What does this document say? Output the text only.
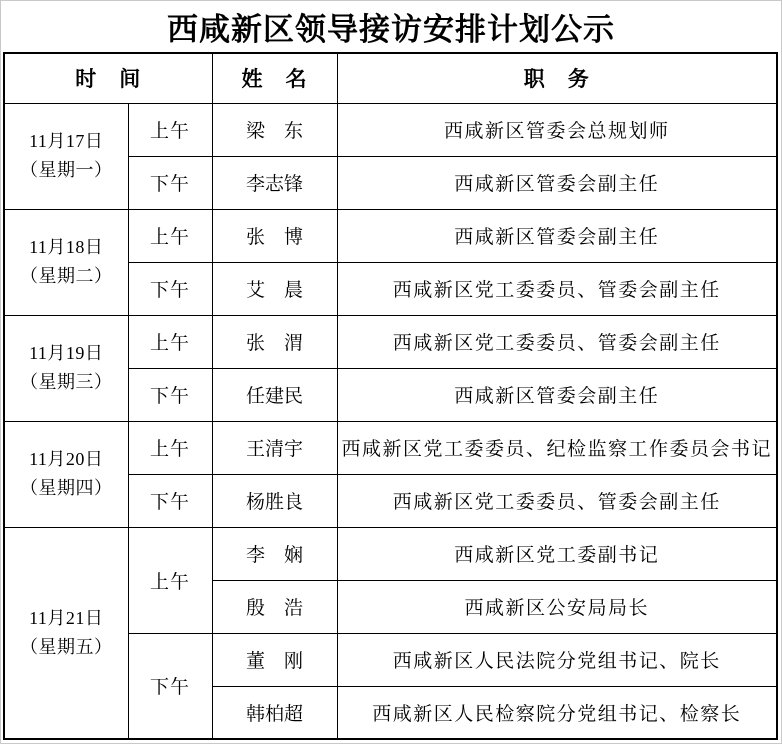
西咸新区领导接访安排计划公示
时　间		姓　名	职　务

11月17日
（星期一）	上午	梁　东	西咸新区管委会总规划师
	下午	李志锋	西咸新区管委会副主任

11月18日
（星期二）	上午	张　博	西咸新区管委会副主任
	下午	艾　晨	西咸新区党工委委员、管委会副主任

11月19日
（星期三）	上午	张　渭	西咸新区党工委委员、管委会副主任
	下午	任建民	西咸新区管委会副主任

11月20日
（星期四）	上午	王清宇	西咸新区党工委委员、纪检监察工作委员会书记
	下午	杨胜良	西咸新区党工委委员、管委会副主任

11月21日
（星期五）	上午	李　娴	西咸新区党工委副书记
		殷　浩	西咸新区公安局局长
	下午	董　刚	西咸新区人民法院分党组书记、院长
		韩柏超	西咸新区人民检察院分党组书记、检察长
